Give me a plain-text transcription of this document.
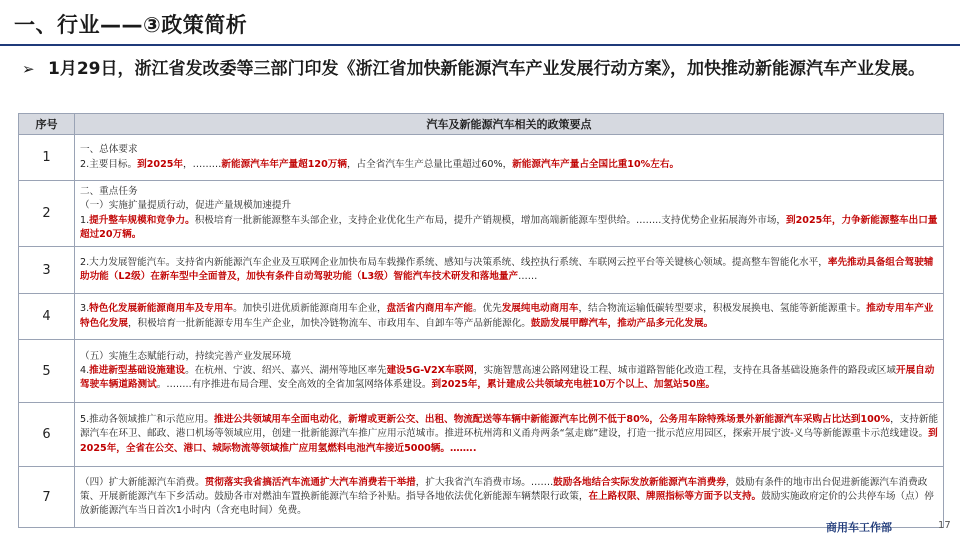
一、行业——③政策简析
➢ 1月29日，浙江省发改委等三部门印发《浙江省加快新能源汽车产业发展行动方案》，加快推动新能源汽车产业发展。
序号	汽车及新能源汽车相关的政策要点
1	一、总体要求
2.主要目标。到2025年，………新能源汽车年产量超120万辆，占全省汽车生产总量比重超过60%，新能源汽车产量占全国比重10%左右。

2	二、重点任务
（一）实施扩量提质行动，促进产量规模加速提升
1.提升整车规模和竞争力。积极培育一批新能源整车头部企业，支持企业优化生产布局，提升产销规模，增加高端新能源车型供给。……..支持优势企业拓展海外市场，到2025年，力争新能源整车出口量超过20万辆。

3	2.大力发展智能汽车。支持省内新能源汽车企业及互联网企业加快布局车载操作系统、感知与决策系统、线控执行系统、车联网云控平台等关键核心领域。提高整车智能化水平，率先推动具备组合驾驶辅助功能（L2级）在新车型中全面普及，加快有条件自动驾驶功能（L3级）智能汽车技术研发和落地量产……

4	3.特色化发展新能源商用车及专用车。加快引进优质新能源商用车企业，盘活省内商用车产能。优先发展纯电动商用车，结合物流运输低碳转型要求，积极发展换电、氢能等新能源重卡。推动专用车产业特色化发展，积极培育一批新能源专用车生产企业，加快冷链物流车、市政用车、自卸车等产品新能源化。鼓励发展甲醇汽车，推动产品多元化发展。

5	（五）实施生态赋能行动，持续完善产业发展环境
4.推进新型基础设施建设。在杭州、宁波、绍兴、嘉兴、湖州等地区率先建设5G-V2X车联网，实施智慧高速公路网建设工程、城市道路智能化改造工程，支持在具备基础设施条件的路段或区域开展自动驾驶车辆道路测试。……..有序推进布局合理、安全高效的全省加氢网络体系建设。到2025年，累计建成公共领域充电桩10万个以上、加氢站50座。

6	5.推动各领域推广和示范应用。推进公共领域用车全面电动化，新增或更新公交、出租、物流配送等车辆中新能源汽车比例不低于80%，公务用车除特殊场景外新能源汽车采购占比达到100%，支持新能源汽车在环卫、邮政、港口机场等领域应用，创建一批新能源汽车推广应用示范城市。推进环杭州湾和义甬舟两条“氢走廊”建设，打造一批示范应用园区，探索开展宁波-义乌等新能源重卡示范线建设。到2025年，全省在公交、港口、城际物流等领域推广应用氢燃料电池汽车接近5000辆。……..

7	（四）扩大新能源汽车消费。贯彻落实我省搞活汽车流通扩大汽车消费若干举措，扩大我省汽车消费市场。…….鼓励各地结合实际发放新能源汽车消费券，鼓励有条件的地市出台促进新能源汽车消费政策、开展新能源汽车下乡活动。鼓励各市对燃油车置换新能源汽车给予补贴。指导各地依法优化新能源车辆禁限行政策，在上路权限、牌照指标等方面予以支持。鼓励实施政府定价的公共停车场（点）停放新能源汽车当日首次1小时内（含充电时间）免费。
商用车工作部	17
